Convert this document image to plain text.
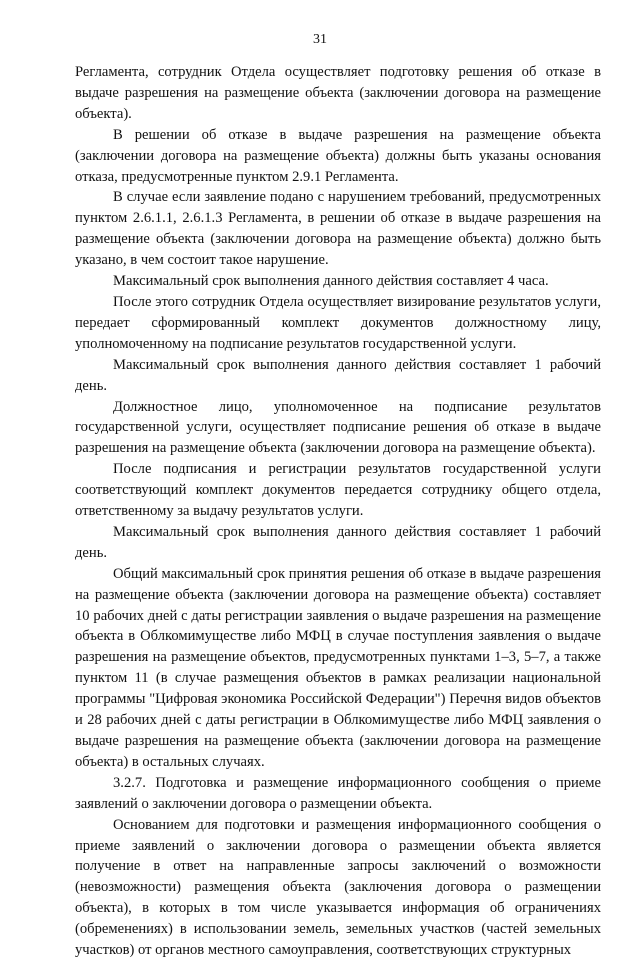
31

Регламента, сотрудник Отдела осуществляет подготовку решения об отказе в выдаче разрешения на размещение объекта (заключении договора на размещение объекта).

В решении об отказе в выдаче разрешения на размещение объекта (заключении договора на размещение объекта) должны быть указаны основания отказа, предусмотренные пунктом 2.9.1 Регламента.

В случае если заявление подано с нарушением требований, предусмотренных пунктом 2.6.1.1, 2.6.1.3 Регламента, в решении об отказе в выдаче разрешения на размещение объекта (заключении договора на размещение объекта) должно быть указано, в чем состоит такое нарушение.

Максимальный срок выполнения данного действия составляет 4 часа.

После этого сотрудник Отдела осуществляет визирование результатов услуги, передает сформированный комплект документов должностному лицу, уполномоченному на подписание результатов государственной услуги.

Максимальный срок выполнения данного действия составляет 1 рабочий день.

Должностное лицо, уполномоченное на подписание результатов государственной услуги, осуществляет подписание решения об отказе в выдаче разрешения на размещение объекта (заключении договора на размещение объекта).

После подписания и регистрации результатов государственной услуги соответствующий комплект документов передается сотруднику общего отдела, ответственному за выдачу результатов услуги.

Максимальный срок выполнения данного действия составляет 1 рабочий день.

Общий максимальный срок принятия решения об отказе в выдаче разрешения на размещение объекта (заключении договора на размещение объекта) составляет 10 рабочих дней с даты регистрации заявления о выдаче разрешения на размещение объекта в Облкомимуществе либо МФЦ в случае поступления заявления о выдаче разрешения на размещение объектов, предусмотренных пунктами 1–3, 5–7, а также пунктом 11 (в случае размещения объектов в рамках реализации национальной программы "Цифровая экономика Российской Федерации") Перечня видов объектов и 28 рабочих дней с даты регистрации в Облкомимуществе либо МФЦ заявления о выдаче разрешения на размещение объекта (заключении договора на размещение объекта) в остальных случаях.

3.2.7. Подготовка и размещение информационного сообщения о приеме заявлений о заключении договора о размещении объекта.

Основанием для подготовки и размещения информационного сообщения о приеме заявлений о заключении договора о размещении объекта является получение в ответ на направленные запросы заключений о возможности (невозможности) размещения объекта (заключения договора о размещении объекта), в которых в том числе указывается информация об ограничениях (обременениях) в использовании земель, земельных участков (частей земельных участков) от органов местного самоуправления, соответствующих структурных
